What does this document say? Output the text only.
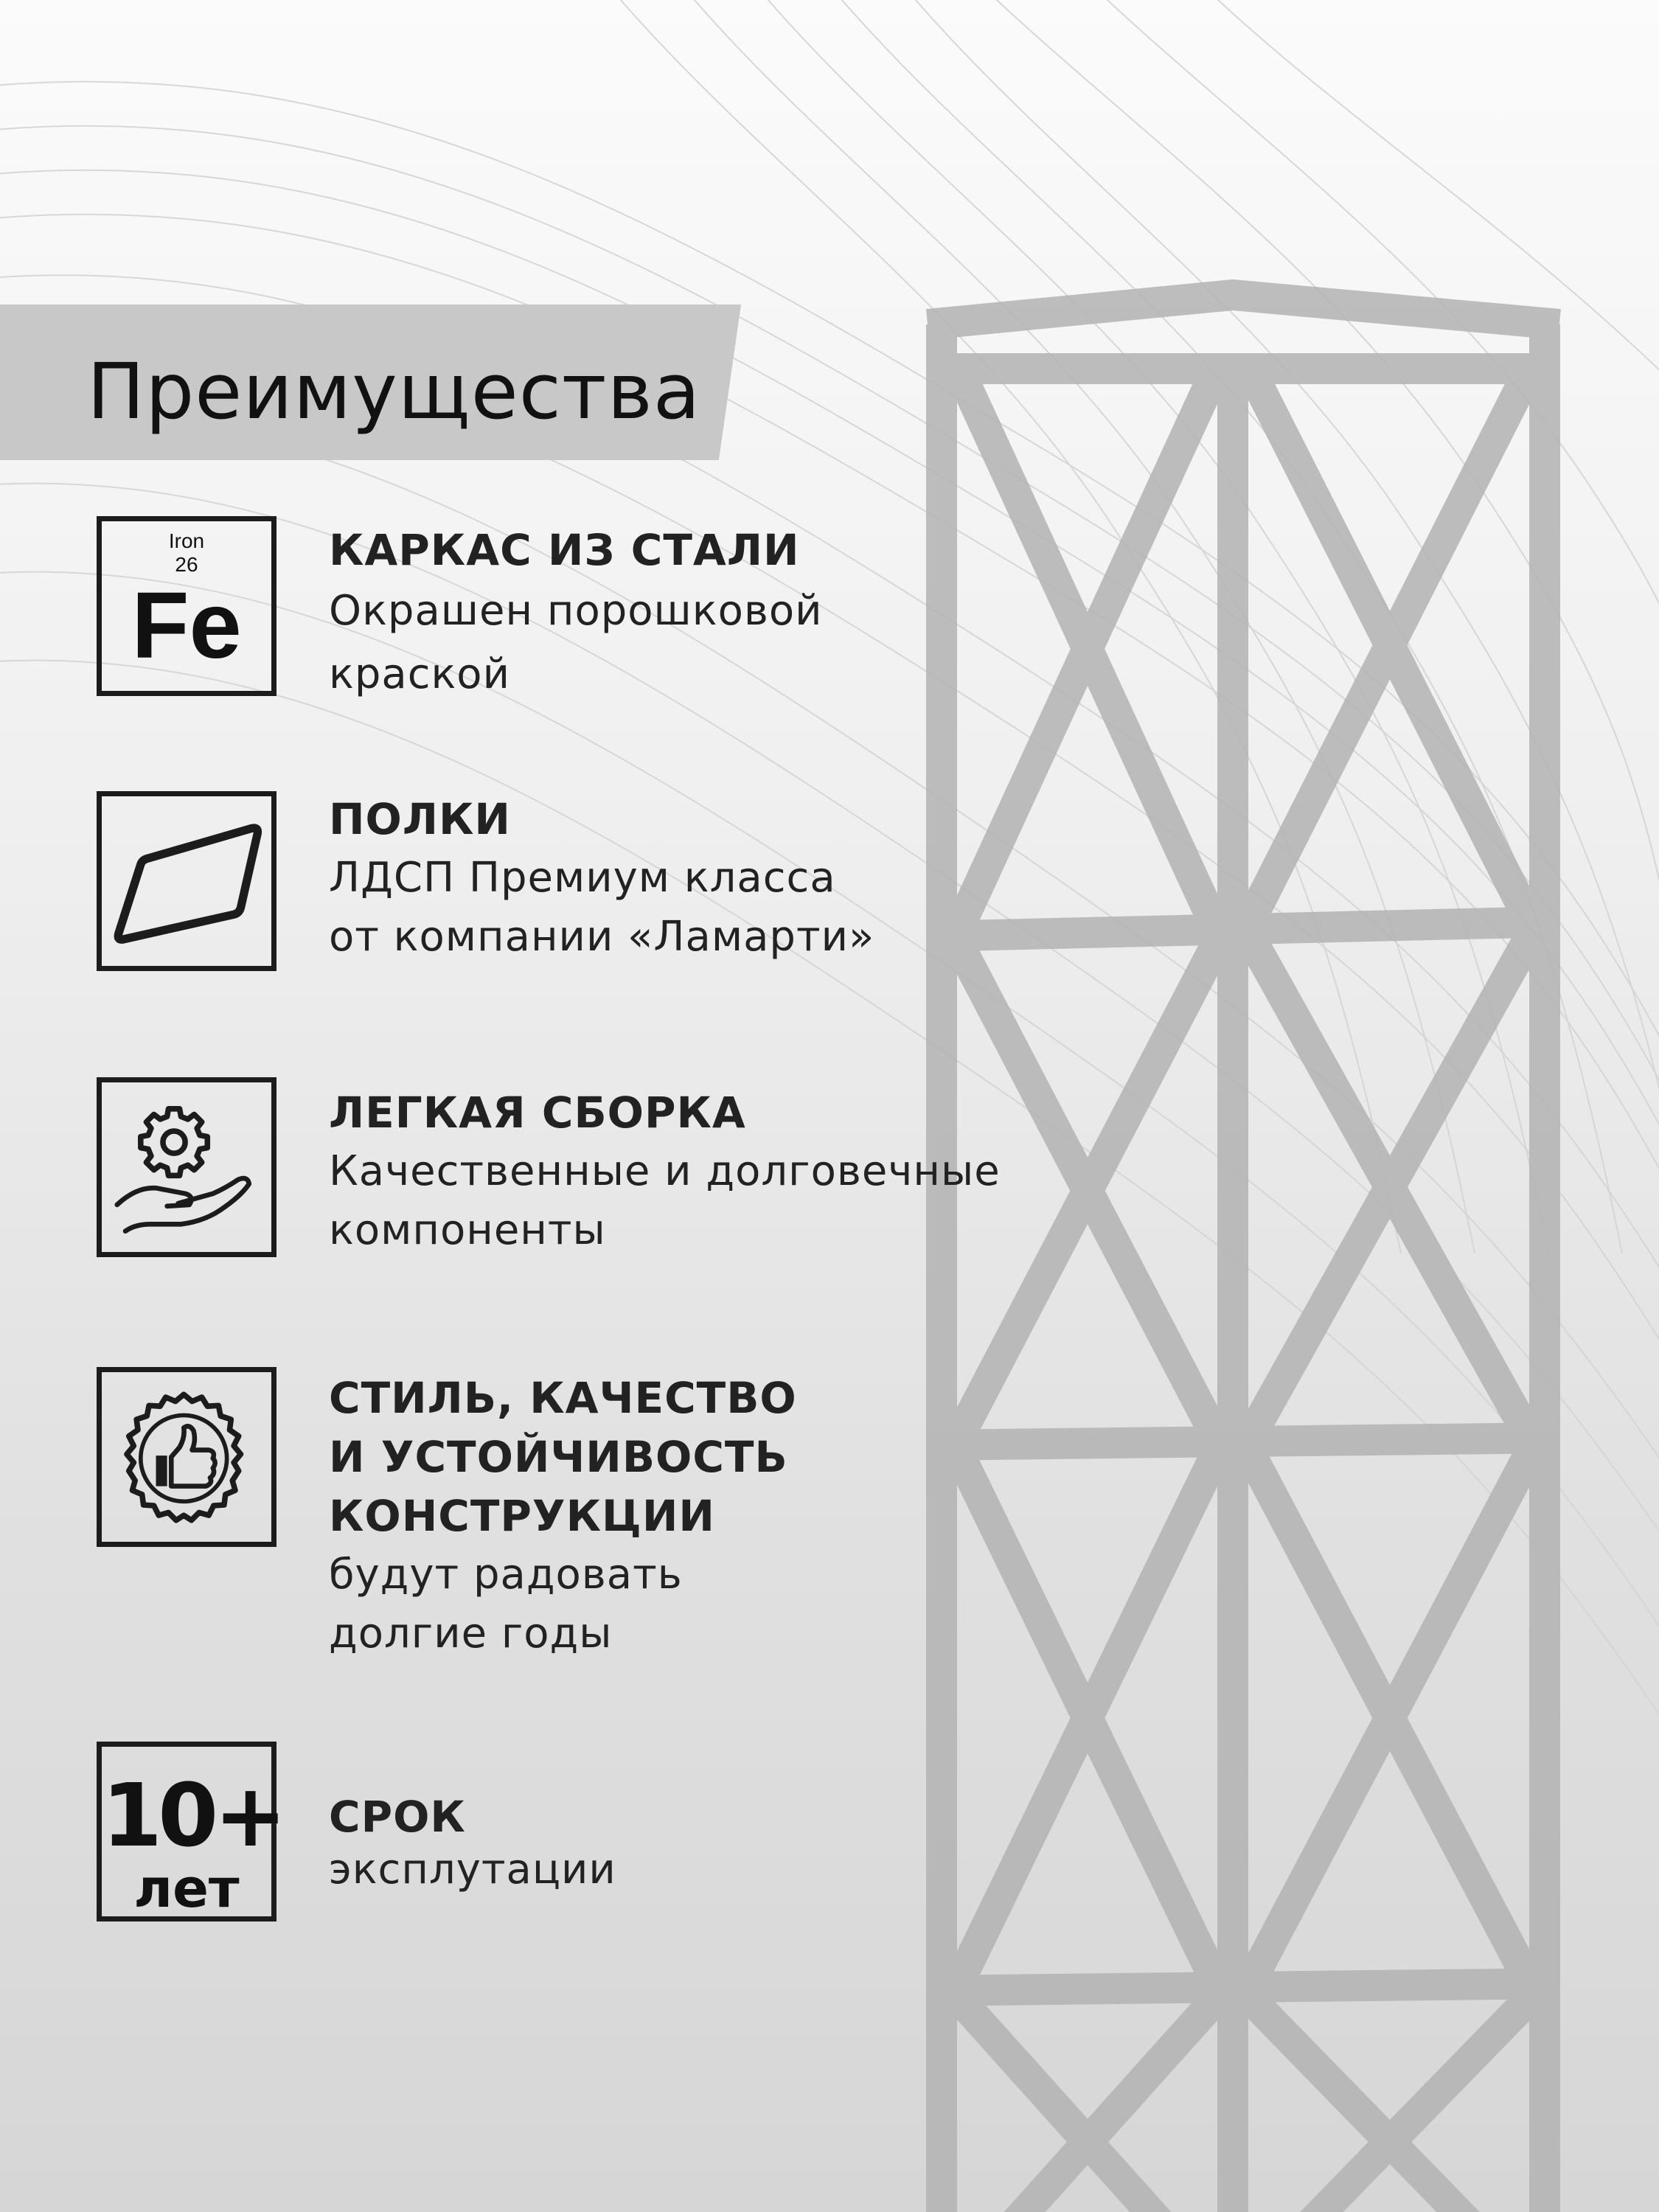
Преимущества
Iron
26
Fe
КАРКАС ИЗ СТАЛИ
Окрашен порошковой
краской
ПОЛКИ
ЛДСП Премиум класса
от компании «Ламарти»
ЛЕГКАЯ СБОРКА
Качественные и долговечные
компоненты
СТИЛЬ, КАЧЕСТВО
И УСТОЙЧИВОСТЬ
КОНСТРУКЦИИ
будут радовать
долгие годы
10+
лет
СРОК
эксплутации
